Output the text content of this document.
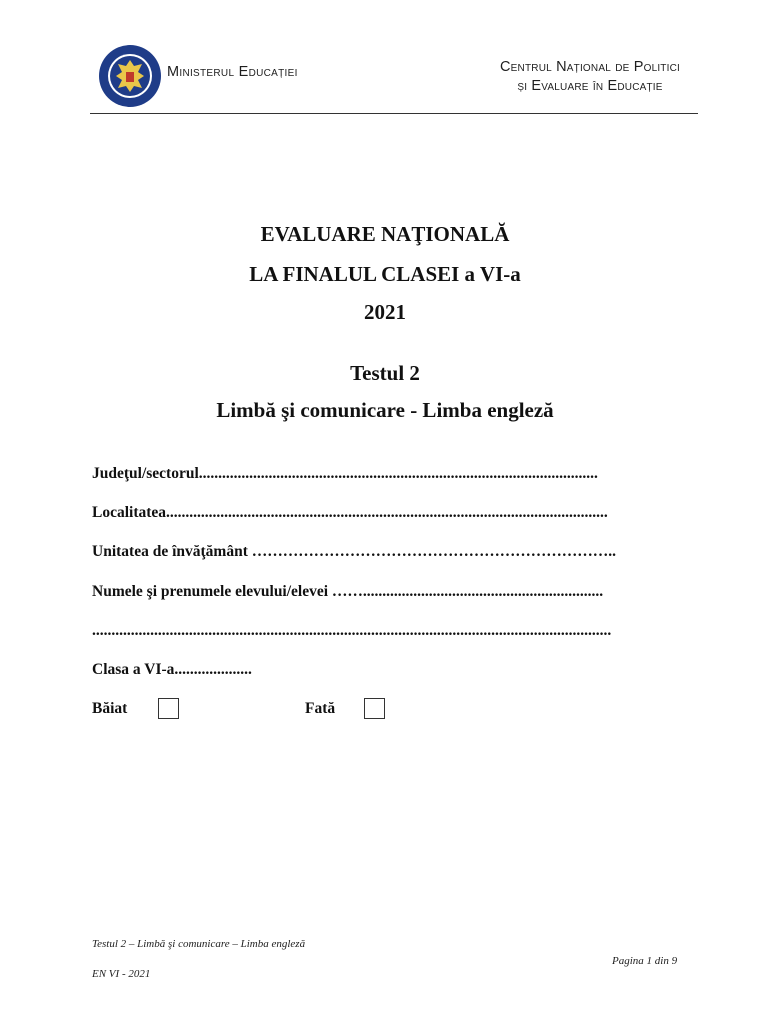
Ministerul Educației	Centrul Național de Politici
și Evaluare în Educație
EVALUARE NAŢIONALĂ
LA FINALUL CLASEI a VI-a
2021
Testul 2
Limbă şi comunicare - Limba engleză
Judeţul/sectorul.......................................................................................................
Localitatea..................................................................................................................
Unitatea de învăţământ ……………………………………………………………..
Numele şi prenumele elevului/elevei ……..............................................................
......................................................................................................................................
Clasa a VI-a....................
Băiat	Fată
Testul 2 – Limbă şi comunicare – Limba engleză
Pagina 1 din 9
EN VI - 2021
